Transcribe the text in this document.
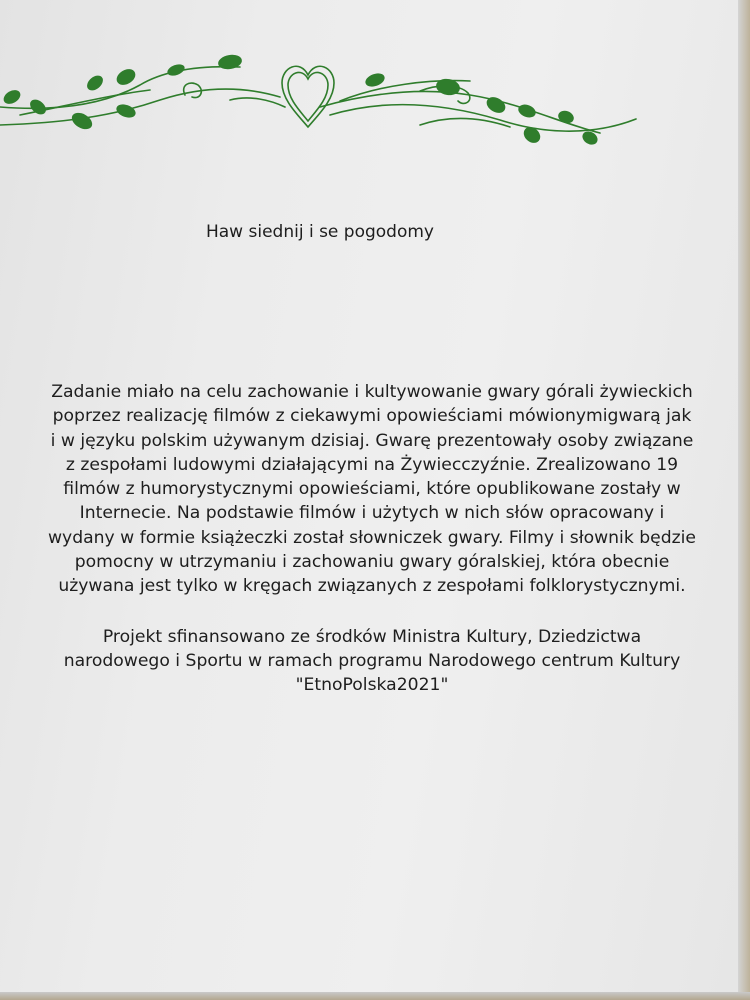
Haw siednij i se pogodomy

Zadanie miało na celu zachowanie i kultywowanie gwary górali żywieckich
poprzez realizację filmów z ciekawymi opowieściami mówionymigwarą jak
i w języku polskim używanym dzisiaj. Gwarę prezentowały osoby związane
z zespołami ludowymi działającymi na Żywiecczyźnie. Zrealizowano 19
filmów z humorystycznymi opowieściami, które opublikowane zostały w
Internecie. Na podstawie filmów i użytych w nich słów opracowany i
wydany w formie książeczki został słowniczek gwary. Filmy i słownik będzie
pomocny w utrzymaniu i zachowaniu gwary góralskiej, która obecnie
używana jest tylko w kręgach związanych z zespołami folklorystycznymi.

Projekt sfinansowano ze środków Ministra Kultury, Dziedzictwa
narodowego i Sportu w ramach programu Narodowego centrum Kultury
"EtnoPolska2021"
